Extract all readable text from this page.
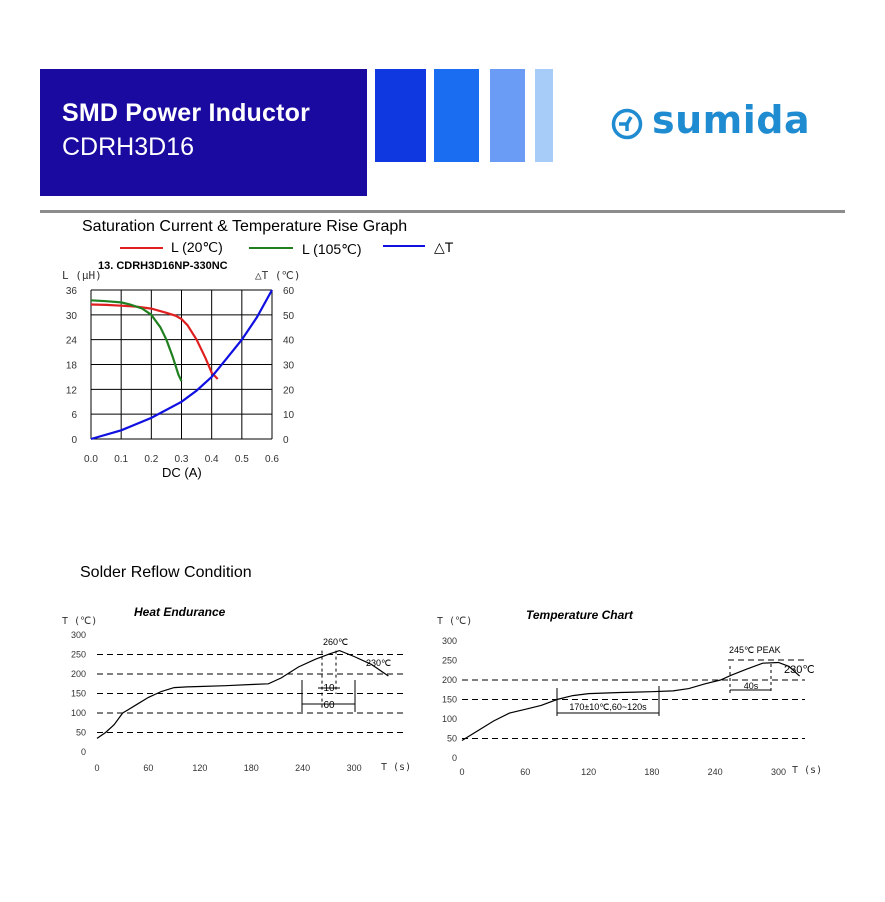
SMD Power Inductor
CDRH3D16
sumida
Saturation Current & Temperature Rise Graph
L (20℃)	L (105℃)	△T
13. CDRH3D16NP-330NC
L (μH)	△T (℃)
DC (A)
0
6
12
18
24
30
36
0
10
20
30
40
50
60
0.0 0.1 0.2 0.3 0.4 0.5 0.6
Solder Reflow Condition
Heat Endurance	Temperature Chart
T (℃)
T (s)
T (℃)
T (s)
0
50
100
150
200
250
300
0	60	120	180	240	300
0
50
100
150
200
250
300
0	60	120	180	240	300
260℃
230℃
10
60
245℃ PEAK
230℃
40s
170±10℃,60~120s
